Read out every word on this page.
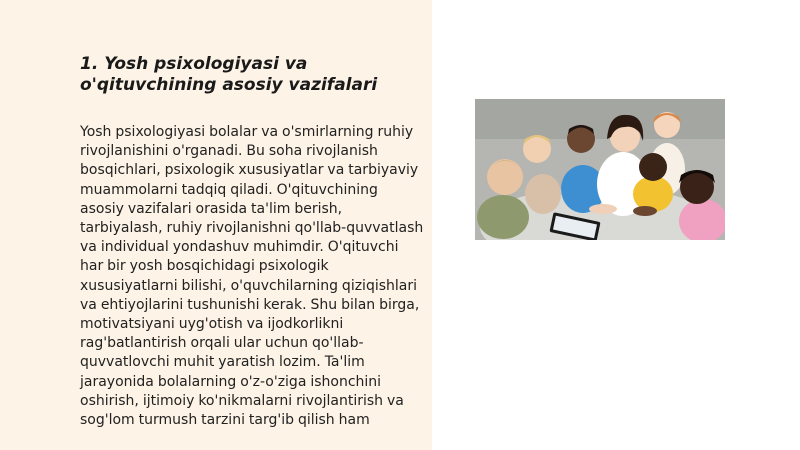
1. Yosh psixologiyasi va o'qituvchining asosiy vazifalari

Yosh psixologiyasi bolalar va o'smirlarning ruhiy rivojlanishini o'rganadi. Bu soha rivojlanish bosqichlari, psixologik xususiyatlar va tarbiyaviy muammolarni tadqiq qiladi. O'qituvchining asosiy vazifalari orasida ta'lim berish, tarbiyalash, ruhiy rivojlanishni qo'llab-quvvatlash va individual yondashuv muhimdir. O'qituvchi har bir yosh bosqichidagi psixologik xususiyatlarni bilishi, o'quvchilarning qiziqishlari va ehtiyojlarini tushunishi kerak. Shu bilan birga, motivatsiyani uyg'otish va ijodkorlikni rag'batlantirish orqali ular uchun qo'llab-quvvatlovchi muhit yaratish lozim. Ta'lim jarayonida bolalarning o'z-o'ziga ishonchini oshirish, ijtimoiy ko'nikmalarni rivojlantirish va sog'lom turmush tarzini targ'ib qilish ham
